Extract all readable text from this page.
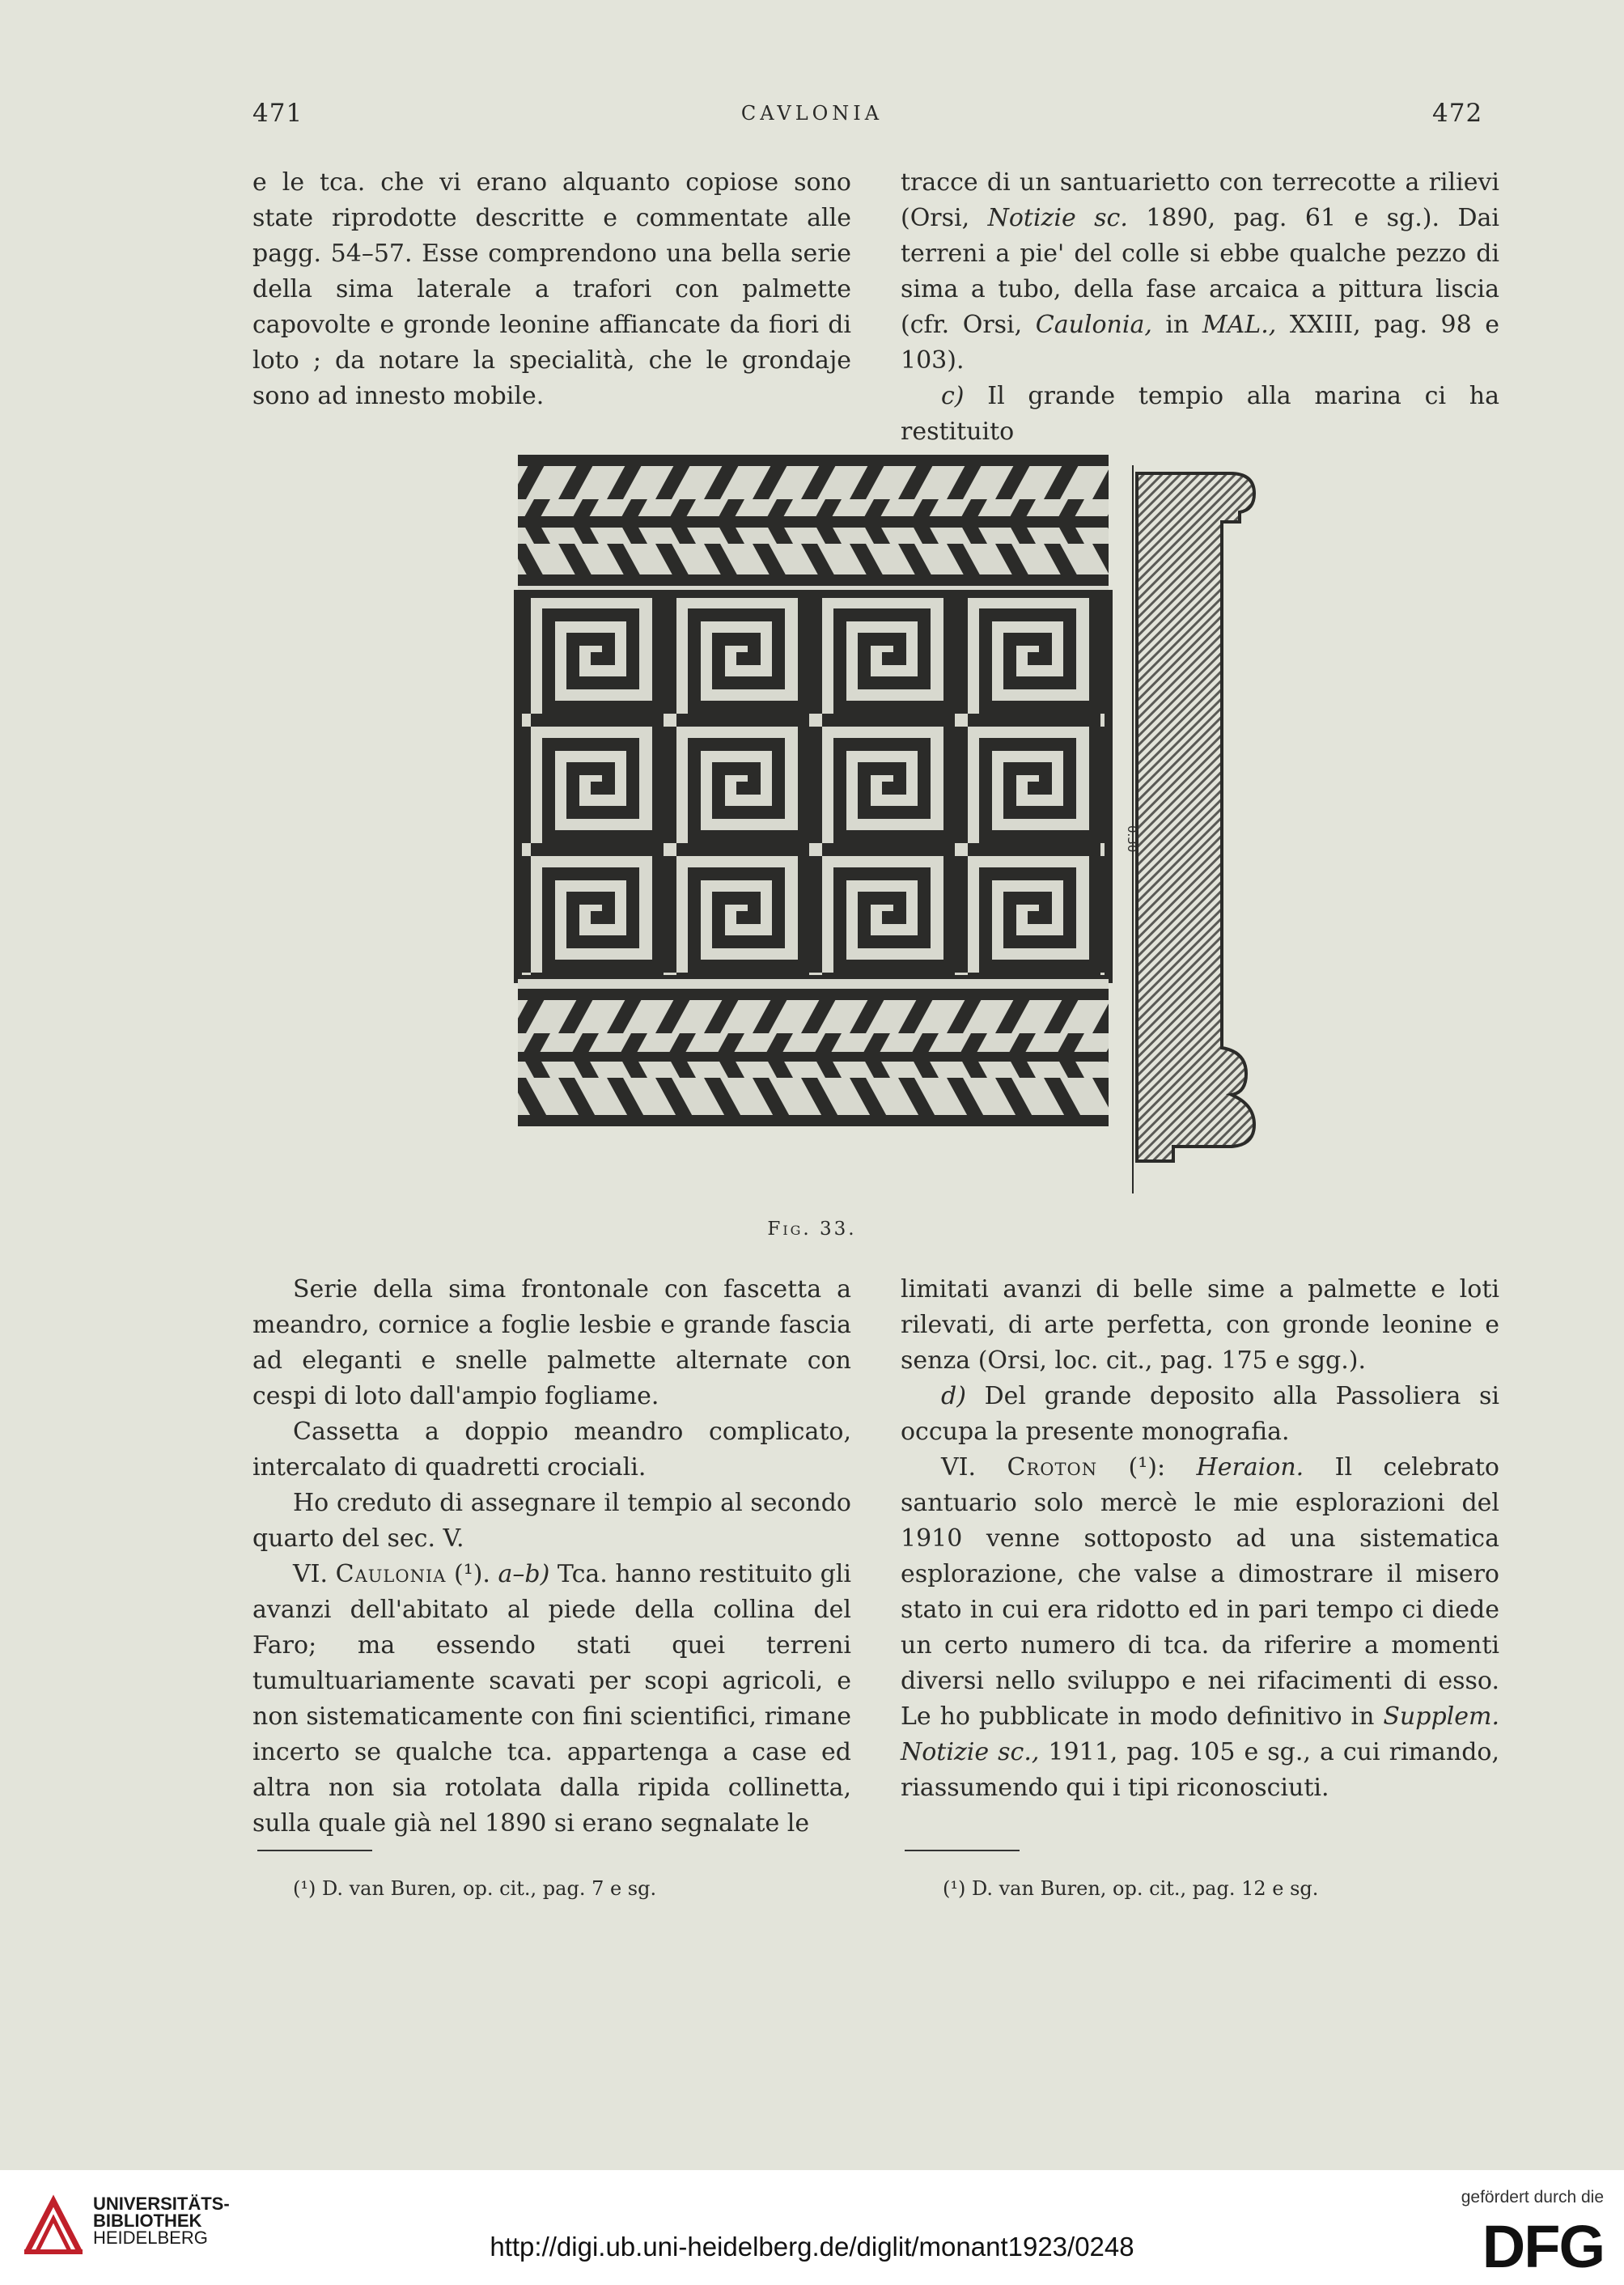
471	CAVLONIA	472

e le tca. che vi erano alquanto copiose sono state riprodotte descritte e commentate alle pagg. 54–57. Esse comprendono una bella serie della sima laterale a trafori con palmette capovolte e gronde leonine affiancate da fiori di loto ; da notare la specialità, che le grondaje sono ad innesto mobile.

tracce di un santuarietto con terrecotte a rilievi (Orsi, Notizie sc. 1890, pag. 61 e sg.). Dai terreni a pie' del colle si ebbe qualche pezzo di sima a tubo, della fase arcaica a pittura liscia (cfr. Orsi, Caulonia, in MAL., XXIII, pag. 98 e 103).

c) Il grande tempio alla marina ci ha restituito

0.30
Fig. 33.

Serie della sima frontonale con fascetta a meandro, cornice a foglie lesbie e grande fascia ad eleganti e snelle palmette alternate con cespi di loto dall'ampio fogliame.

Cassetta a doppio meandro complicato, intercalato di quadretti crociali.

Ho creduto di assegnare il tempio al secondo quarto del sec. V.

VI. Caulonia (¹). a–b) Tca. hanno restituito gli avanzi dell'abitato al piede della collina del Faro; ma essendo stati quei terreni tumultuariamente scavati per scopi agricoli, e non sistematicamente con fini scientifici, rimane incerto se qualche tca. appartenga a case ed altra non sia rotolata dalla ripida collinetta, sulla quale già nel 1890 si erano segnalate le

limitati avanzi di belle sime a palmette e loti rilevati, di arte perfetta, con gronde leonine e senza (Orsi, loc. cit., pag. 175 e sgg.).

d) Del grande deposito alla Passoliera si occupa la presente monografia.

VI. Croton (¹): Heraion. Il celebrato santuario solo mercè le mie esplorazioni del 1910 venne sottoposto ad una sistematica esplorazione, che valse a dimostrare il misero stato in cui era ridotto ed in pari tempo ci diede un certo numero di tca. da riferire a momenti diversi nello sviluppo e nei rifacimenti di esso. Le ho pubblicate in modo definitivo in Supplem. Notizie sc., 1911, pag. 105 e sg., a cui rimando, riassumendo qui i tipi riconosciuti.

(¹) D. van Buren, op. cit., pag. 7 e sg.	(¹) D. van Buren, op. cit., pag. 12 e sg.
UNIVERSITÄTS-
BIBLIOTHEK
HEIDELBERG	http://digi.ub.uni-heidelberg.de/diglit/monant1923/0248
gefördert durch die
DFG
